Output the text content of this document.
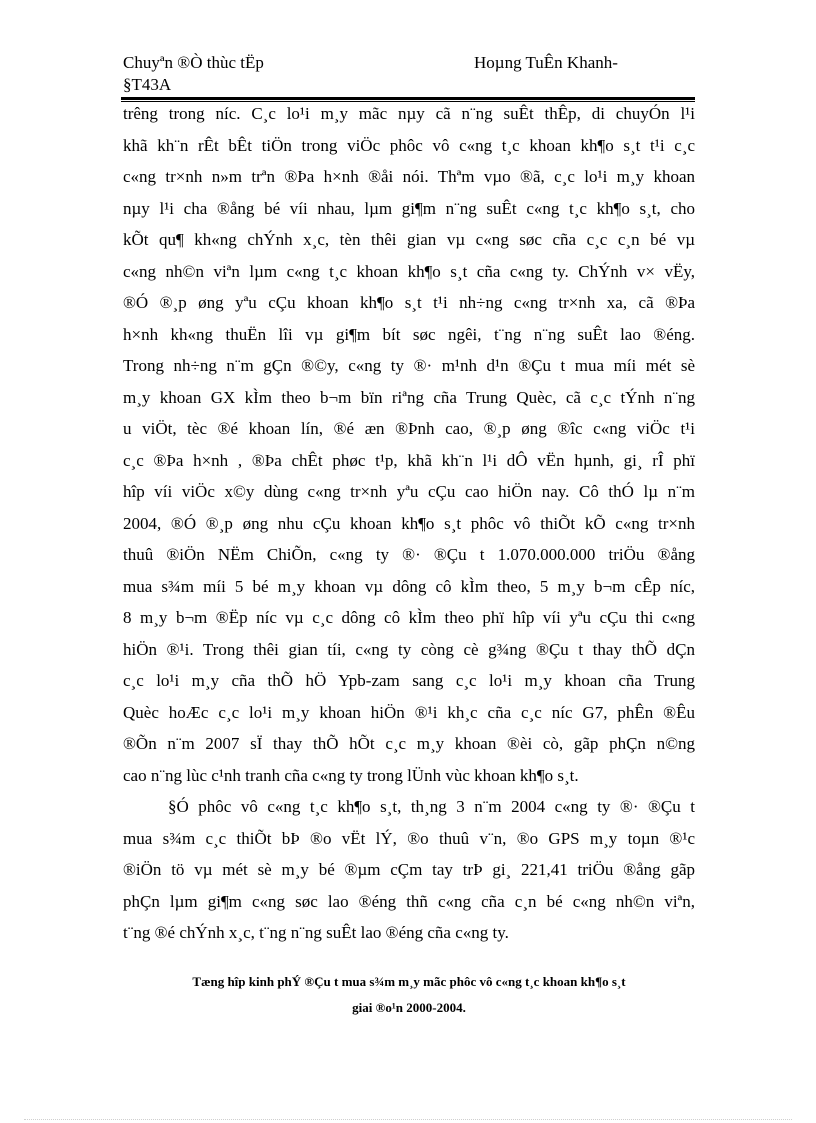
Chuyªn ®Ò thùc tËp
§T43A
Hoµng TuÊn Khanh-
trêng trong níc. C¸c lo¹i m¸y mãc nµy cã n¨ng suÊt thÊp, di chuyÓn l¹i
khã kh¨n rÊt bÊt tiÖn trong viÖc phôc vô c«ng t¸c khoan kh¶o s¸t t¹i c¸c
c«ng tr×nh n»m trªn ®Þa h×nh ®åi nói. Thªm vµo ®ã, c¸c lo¹i m¸y khoan
nµy l¹i cha ®ång bé víi nhau, lµm gi¶m n¨ng suÊt c«ng t¸c kh¶o s¸t, cho
kÕt qu¶ kh«ng chÝnh x¸c, tèn thêi gian vµ c«ng søc cña c¸c c¸n bé vµ
c«ng nh©n viªn lµm c«ng t¸c khoan kh¶o s¸t cña c«ng ty. ChÝnh v× vËy,
®Ó ®¸p øng yªu cÇu khoan kh¶o s¸t t¹i nh÷ng c«ng tr×nh xa, cã ®Þa
h×nh kh«ng thuËn lîi vµ gi¶m bít søc ngêi, t¨ng n¨ng suÊt lao ®éng.
Trong nh÷ng n¨m gÇn ®©y, c«ng ty ®· m¹nh d¹n ®Çu t mua míi mét sè
m¸y khoan GX kÌm theo b¬m bïn riªng cña Trung Quèc, cã c¸c tÝnh n¨ng
u viÖt, tèc ®é khoan lín, ®é æn ®Þnh cao, ®¸p øng ®îc c«ng viÖc t¹i
c¸c ®Þa h×nh , ®Þa chÊt phøc t¹p, khã kh¨n l¹i dÔ vËn hµnh, gi¸ rÎ phï
hîp víi viÖc x©y dùng c«ng tr×nh yªu cÇu cao hiÖn nay. Cô thÓ lµ n¨m
2004, ®Ó ®¸p øng nhu cÇu khoan kh¶o s¸t phôc vô thiÕt kÕ c«ng tr×nh
thuû ®iÖn NËm ChiÕn, c«ng ty ®· ®Çu t 1.070.000.000 triÖu ®ång
mua s¾m míi 5 bé m¸y khoan vµ dông cô kÌm theo, 5 m¸y b¬m cÊp níc,
8 m¸y b¬m ®Ëp níc vµ c¸c dông cô kÌm theo phï hîp víi yªu cÇu thi c«ng
hiÖn ®¹i. Trong thêi gian tíi, c«ng ty còng cè g¾ng ®Çu t thay thÕ dÇn
c¸c lo¹i m¸y cña thÕ hÖ Ypb-zam sang c¸c lo¹i m¸y khoan cña Trung
Quèc hoÆc c¸c lo¹i m¸y khoan hiÖn ®¹i kh¸c cña c¸c níc G7, phÊn ®Êu
®Õn n¨m 2007 sÏ thay thÕ hÕt c¸c m¸y khoan ®èi cò, gãp phÇn n©ng
cao n¨ng lùc c¹nh tranh cña c«ng ty trong lÜnh vùc khoan kh¶o s¸t.
§Ó phôc vô c«ng t¸c kh¶o s¸t, th¸ng 3 n¨m 2004 c«ng ty ®· ®Çu t
mua s¾m c¸c thiÕt bÞ ®o vËt lÝ, ®o thuû v¨n, ®o GPS m¸y toµn ®¹c
®iÖn tö vµ mét sè m¸y bé ®µm cÇm tay trÞ gi¸ 221,41 triÖu ®ång gãp
phÇn lµm gi¶m c«ng søc lao ®éng thñ c«ng cña c¸n bé c«ng nh©n viªn,
t¨ng ®é chÝnh x¸c, t¨ng n¨ng suÊt lao ®éng cña c«ng ty.
Tæng hîp kinh phÝ ®Çu t mua s¾m m¸y mãc phôc vô c«ng t¸c khoan kh¶o s¸t
giai ®o¹n 2000-2004.
